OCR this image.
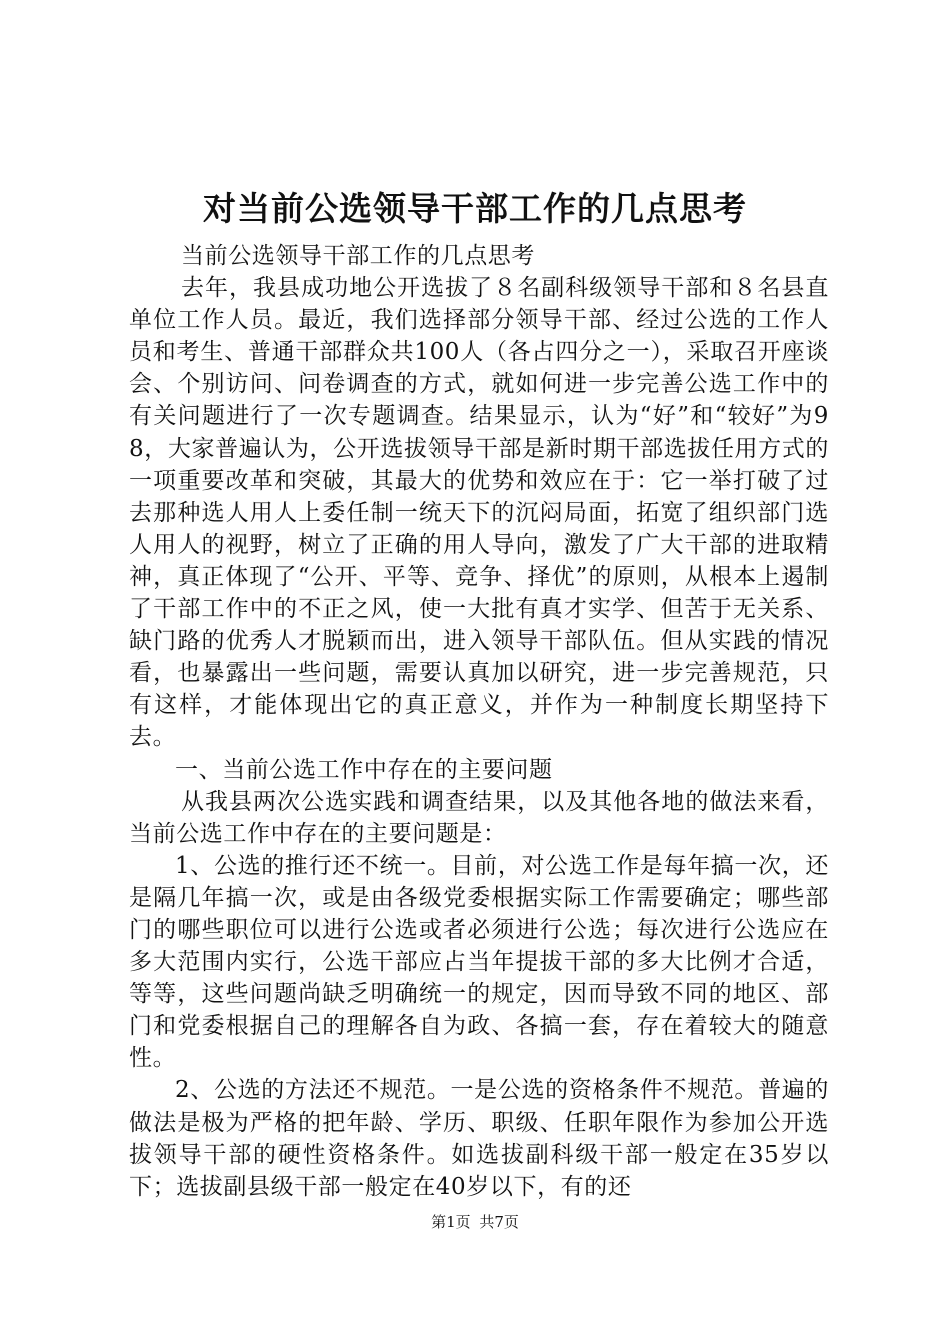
对当前公选领导干部工作的几点思考

当前公选领导干部工作的几点思考

去年，我县成功地公开选拔了８名副科级领导干部和８名县直单位工作人员。最近，我们选择部分领导干部、经过公选的工作人员和考生、普通干部群众共100人（各占四分之一），采取召开座谈会、个别访问、问卷调查的方式，就如何进一步完善公选工作中的有关问题进行了一次专题调查。结果显示，认为“好”和“较好”为98，大家普遍认为，公开选拔领导干部是新时期干部选拔任用方式的一项重要改革和突破，其最大的优势和效应在于：它一举打破了过去那种选人用人上委任制一统天下的沉闷局面，拓宽了组织部门选人用人的视野，树立了正确的用人导向，激发了广大干部的进取精神，真正体现了“公开、平等、竞争、择优”的原则，从根本上遏制了干部工作中的不正之风，使一大批有真才实学、但苦于无关系、缺门路的优秀人才脱颖而出，进入领导干部队伍。但从实践的情况看，也暴露出一些问题，需要认真加以研究，进一步完善规范，只有这样，才能体现出它的真正意义，并作为一种制度长期坚持下去。

一、当前公选工作中存在的主要问题

从我县两次公选实践和调查结果，以及其他各地的做法来看，当前公选工作中存在的主要问题是：

1、公选的推行还不统一。目前，对公选工作是每年搞一次，还是隔几年搞一次，或是由各级党委根据实际工作需要确定；哪些部门的哪些职位可以进行公选或者必须进行公选；每次进行公选应在多大范围内实行，公选干部应占当年提拔干部的多大比例才合适，等等，这些问题尚缺乏明确统一的规定，因而导致不同的地区、部门和党委根据自己的理解各自为政、各搞一套，存在着较大的随意性。

2、公选的方法还不规范。一是公选的资格条件不规范。普遍的做法是极为严格的把年龄、学历、职级、任职年限作为参加公开选拔领导干部的硬性资格条件。如选拔副科级干部一般定在35岁以下；选拔副县级干部一般定在40岁以下，有的还

第1页 共7页
